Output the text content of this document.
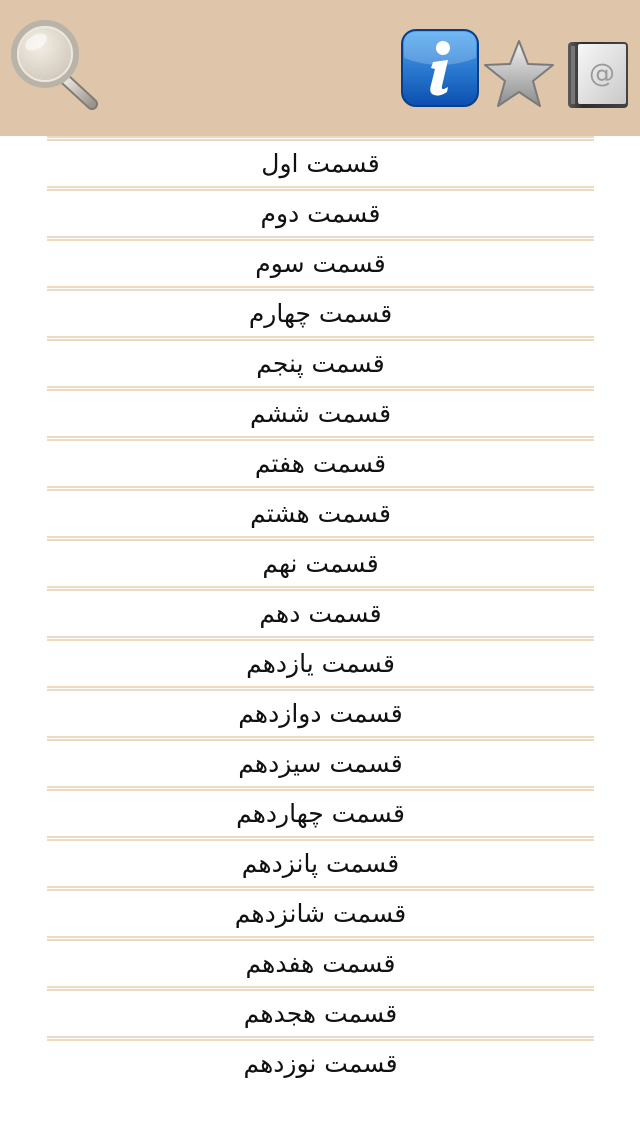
@
قسمت اول
قسمت دوم
قسمت سوم
قسمت چهارم
قسمت پنجم
قسمت ششم
قسمت هفتم
قسمت هشتم
قسمت نهم
قسمت دهم
قسمت یازدهم
قسمت دوازدهم
قسمت سیزدهم
قسمت چهاردهم
قسمت پانزدهم
قسمت شانزدهم
قسمت هفدهم
قسمت هجدهم
قسمت نوزدهم
